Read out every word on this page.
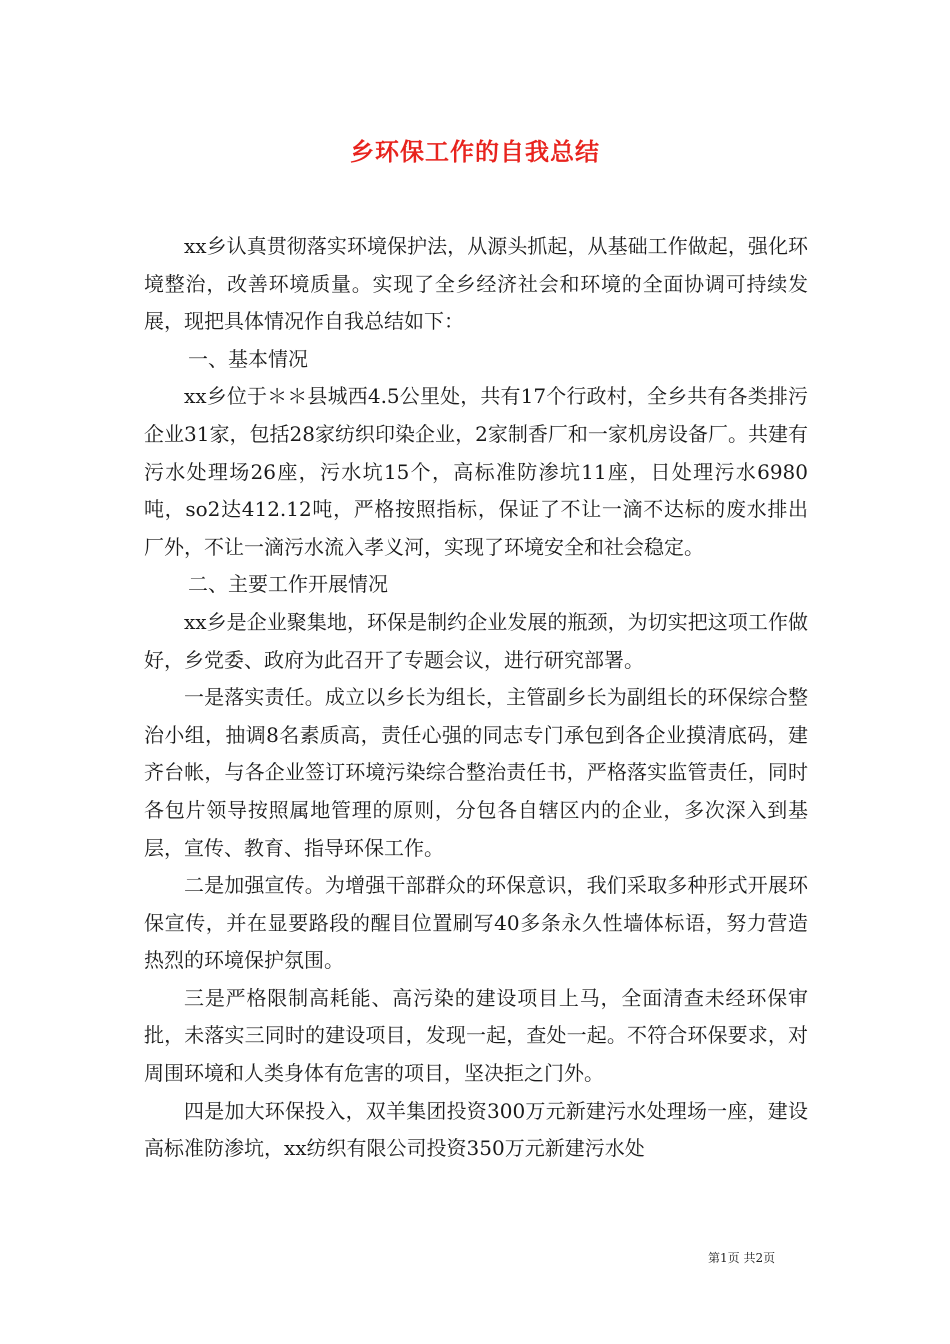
乡环保工作的自我总结

xx乡认真贯彻落实环境保护法，从源头抓起，从基础工作做起，强化环境整治，改善环境质量。实现了全乡经济社会和环境的全面协调可持续发展，现把具体情况作自我总结如下：

一、基本情况

xx乡位于＊＊县城西4.5公里处，共有17个行政村，全乡共有各类排污企业31家，包括28家纺织印染企业，2家制香厂和一家机房设备厂。共建有污水处理场26座，污水坑15个，高标准防渗坑11座，日处理污水6980吨，so2达412.12吨，严格按照指标，保证了不让一滴不达标的废水排出厂外，不让一滴污水流入孝义河，实现了环境安全和社会稳定。

二、主要工作开展情况

xx乡是企业聚集地，环保是制约企业发展的瓶颈，为切实把这项工作做好，乡党委、政府为此召开了专题会议，进行研究部署。

一是落实责任。成立以乡长为组长，主管副乡长为副组长的环保综合整治小组，抽调8名素质高，责任心强的同志专门承包到各企业摸清底码，建齐台帐，与各企业签订环境污染综合整治责任书，严格落实监管责任，同时各包片领导按照属地管理的原则，分包各自辖区内的企业，多次深入到基层，宣传、教育、指导环保工作。

二是加强宣传。为增强干部群众的环保意识，我们采取多种形式开展环保宣传，并在显要路段的醒目位置刷写40多条永久性墙体标语，努力营造热烈的环境保护氛围。

三是严格限制高耗能、高污染的建设项目上马，全面清查未经环保审批，未落实三同时的建设项目，发现一起，查处一起。不符合环保要求，对周围环境和人类身体有危害的项目，坚决拒之门外。

四是加大环保投入，双羊集团投资300万元新建污水处理场一座，建设高标准防渗坑，xx纺织有限公司投资350万元新建污水处

第1页 共2页
